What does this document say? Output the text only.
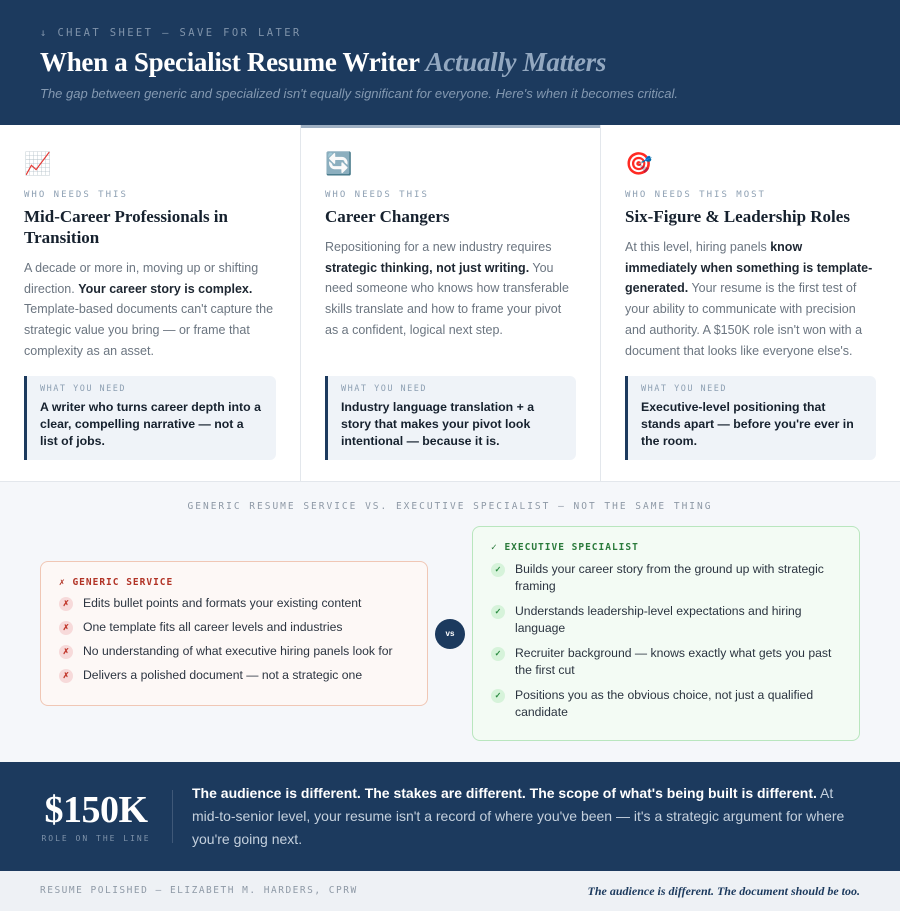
↓ CHEAT SHEET — SAVE FOR LATER
When a Specialist Resume Writer Actually Matters
The gap between generic and specialized isn't equally significant for everyone. Here's when it becomes critical.
📈
WHO NEEDS THIS
Mid-Career Professionals in Transition
A decade or more in, moving up or shifting direction. Your career story is complex. Template-based documents can't capture the strategic value you bring — or frame that complexity as an asset.
WHAT YOU NEED
A writer who turns career depth into a clear, compelling narrative — not a list of jobs.
🔄
WHO NEEDS THIS
Career Changers
Repositioning for a new industry requires strategic thinking, not just writing. You need someone who knows how transferable skills translate and how to frame your pivot as a confident, logical next step.
WHAT YOU NEED
Industry language translation + a story that makes your pivot look intentional — because it is.
🎯
WHO NEEDS THIS MOST
Six-Figure & Leadership Roles
At this level, hiring panels know immediately when something is template-generated. Your resume is the first test of your ability to communicate with precision and authority. A $150K role isn't won with a document that looks like everyone else's.
WHAT YOU NEED
Executive-level positioning that stands apart — before you're ever in the room.
GENERIC RESUME SERVICE VS. EXECUTIVE SPECIALIST — NOT THE SAME THING
✗ GENERIC SERVICE
✗ Edits bullet points and formats your existing content
✗ One template fits all career levels and industries
✗ No understanding of what executive hiring panels look for
✗ Delivers a polished document — not a strategic one
vs
✓ EXECUTIVE SPECIALIST
✓ Builds your career story from the ground up with strategic framing
✓ Understands leadership-level expectations and hiring language
✓ Recruiter background — knows exactly what gets you past the first cut
✓ Positions you as the obvious choice, not just a qualified candidate
$150K
ROLE ON THE LINE
The audience is different. The stakes are different. The scope of what's being built is different. At mid-to-senior level, your resume isn't a record of where you've been — it's a strategic argument for where you're going next.
RESUME POLISHED — ELIZABETH M. HARDERS, CPRW	The audience is different. The document should be too.
